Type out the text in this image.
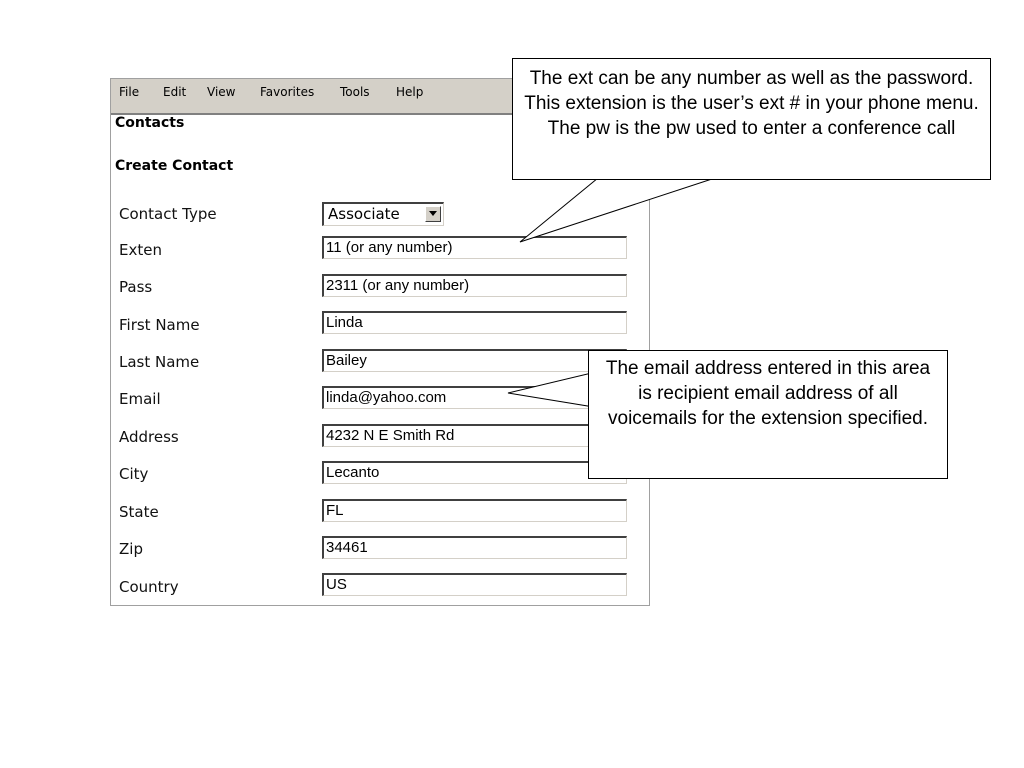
File Edit View Favorites Tools Help
Contacts
Create Contact
Contact Type	Associate
Exten	11 (or any number)
Pass	2311 (or any number)
First Name	Linda
Last Name	Bailey
Email	linda@yahoo.com
Address	4232 N E Smith Rd
City	Lecanto
State	FL
Zip	34461
Country	US
The ext can be any number as well as the password. This extension is the user’s ext # in your phone menu. The pw is the pw used to enter a conference call
The email address entered in this area is recipient email address of all voicemails for the extension specified.
